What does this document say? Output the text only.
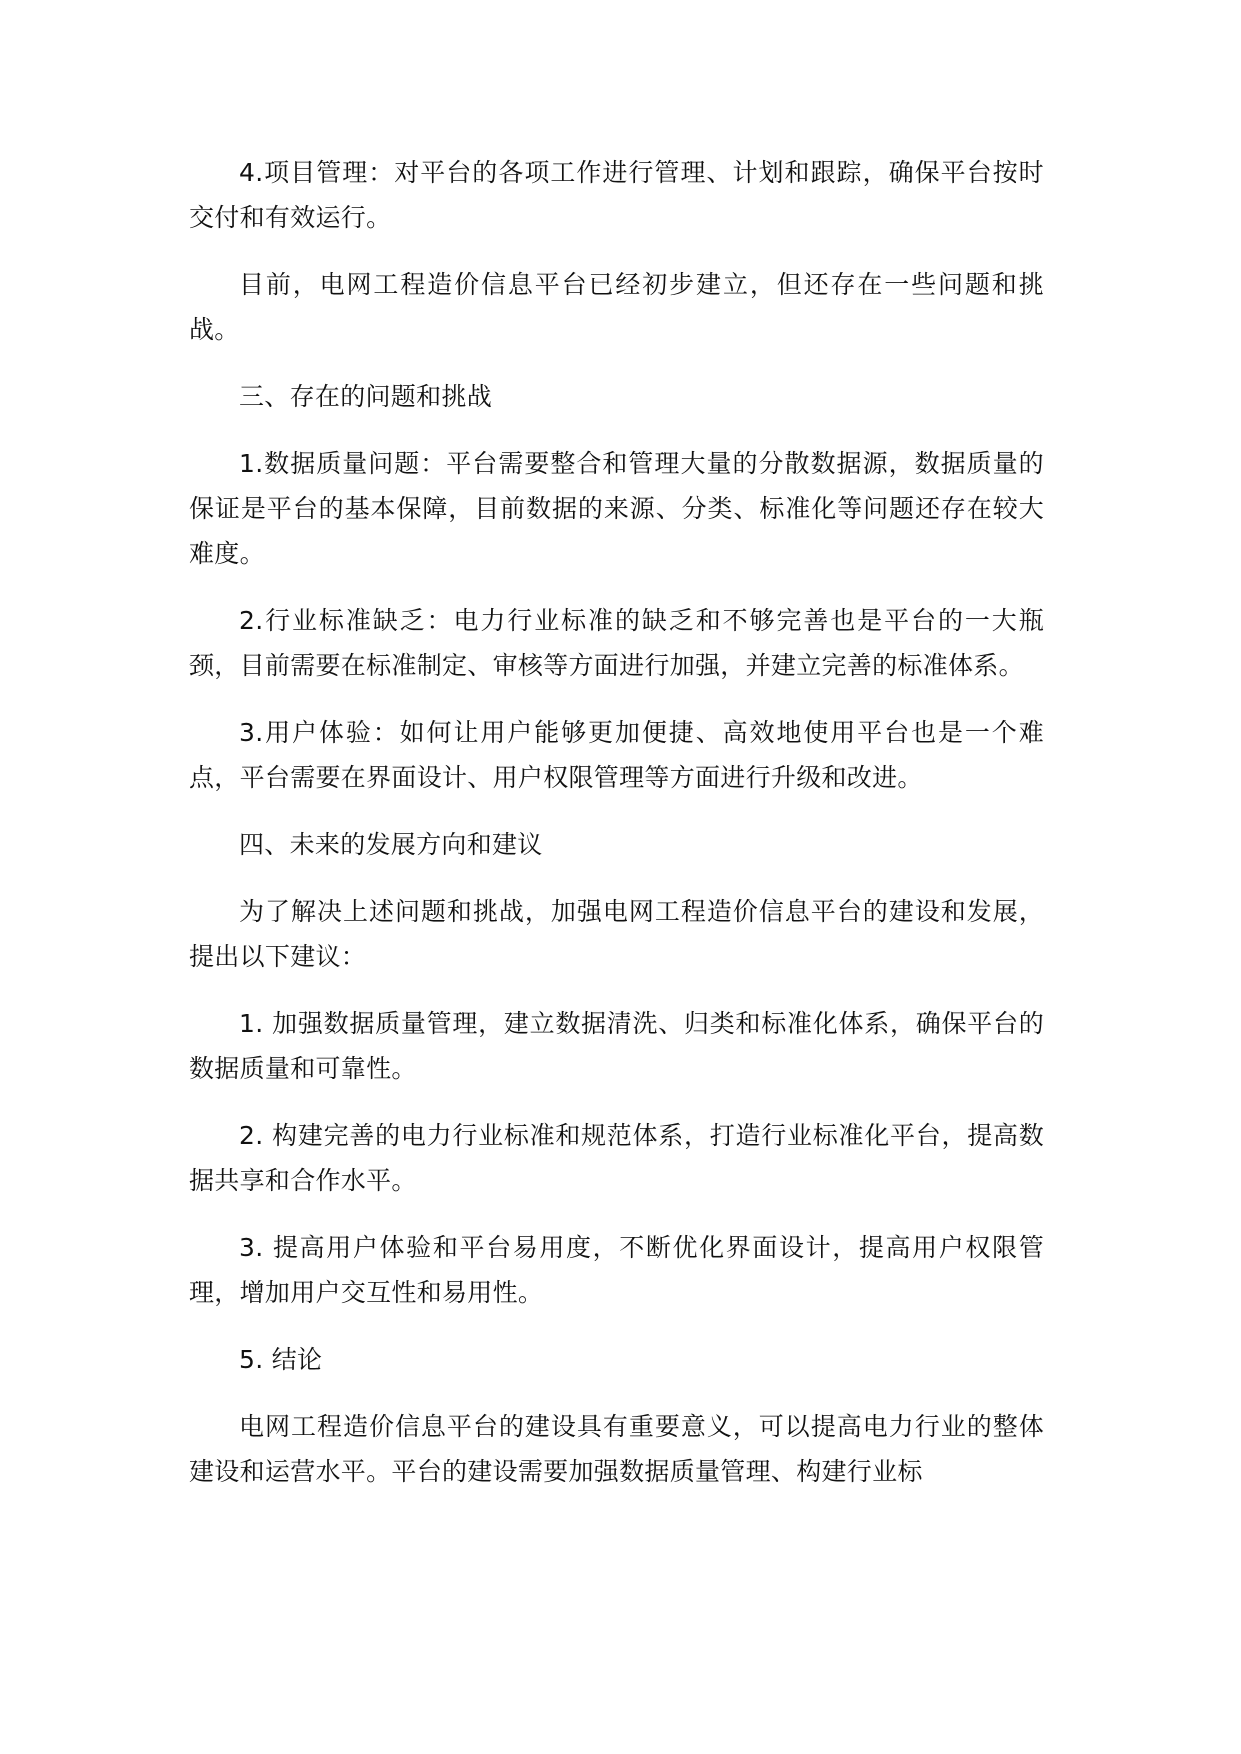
4.项目管理：对平台的各项工作进行管理、计划和跟踪，确保平台按时交付和有效运行。

目前，电网工程造价信息平台已经初步建立，但还存在一些问题和挑战。

三、存在的问题和挑战

1.数据质量问题：平台需要整合和管理大量的分散数据源，数据质量的保证是平台的基本保障，目前数据的来源、分类、标准化等问题还存在较大难度。

2.行业标准缺乏：电力行业标准的缺乏和不够完善也是平台的一大瓶颈，目前需要在标准制定、审核等方面进行加强，并建立完善的标准体系。

3.用户体验：如何让用户能够更加便捷、高效地使用平台也是一个难点，平台需要在界面设计、用户权限管理等方面进行升级和改进。

四、未来的发展方向和建议

为了解决上述问题和挑战，加强电网工程造价信息平台的建设和发展，提出以下建议：

1. 加强数据质量管理，建立数据清洗、归类和标准化体系，确保平台的数据质量和可靠性。

2. 构建完善的电力行业标准和规范体系，打造行业标准化平台，提高数据共享和合作水平。

3. 提高用户体验和平台易用度，不断优化界面设计，提高用户权限管理，增加用户交互性和易用性。

5. 结论

电网工程造价信息平台的建设具有重要意义，可以提高电力行业的整体建设和运营水平。平台的建设需要加强数据质量管理、构建行业标
